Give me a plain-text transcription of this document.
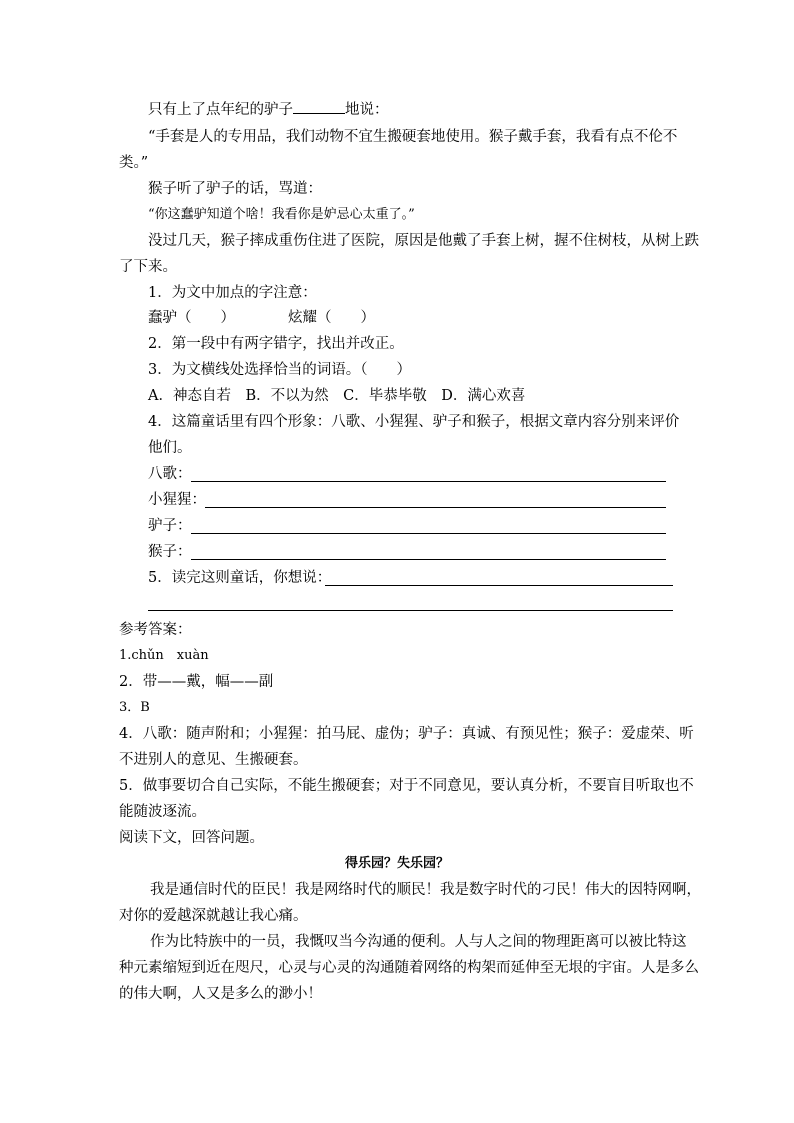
只有上了点年纪的驴子	地说：
“手套是人的专用品，我们动物不宜生搬硬套地使用。猴子戴手套，我看有点不伦不
类。”
猴子听了驴子的话，骂道：
“你这蠢驴知道个啥！我看你是妒忌心太重了。”
没过几天，猴子摔成重伤住进了医院，原因是他戴了手套上树，握不住树枝，从树上跌
了下来。
1．为文中加点的字注意：
蠢驴（　　）	炫耀（　　）
2．第一段中有两字错字，找出并改正。
3．为文横线处选择恰当的词语。（　　）
A．神态自若　B．不以为然　C．毕恭毕敬　D．满心欢喜
4．这篇童话里有四个形象：八歌、小猩猩、驴子和猴子，根据文章内容分别来评价
他们。
八歌：
小猩猩：
驴子：
猴子：
5．读完这则童话，你想说：
参考答案：
1.chǔn　xuàn
2．带——戴，幅——副
3．B
4．八歌：随声附和；小猩猩：拍马屁、虚伪；驴子：真诚、有预见性；猴子：爱虚荣、听
不进别人的意见、生搬硬套。
5．做事要切合自己实际，不能生搬硬套；对于不同意见，要认真分析，不要盲目听取也不
能随波逐流。
阅读下文，回答问题。
得乐园？失乐园？
我是通信时代的臣民！我是网络时代的顺民！我是数字时代的刁民！伟大的因特网啊，
对你的爱越深就越让我心痛。
作为比特族中的一员，我慨叹当今沟通的便利。人与人之间的物理距离可以被比特这
种元素缩短到近在咫尺，心灵与心灵的沟通随着网络的构架而延伸至无垠的宇宙。人是多么
的伟大啊，人又是多么的渺小！
